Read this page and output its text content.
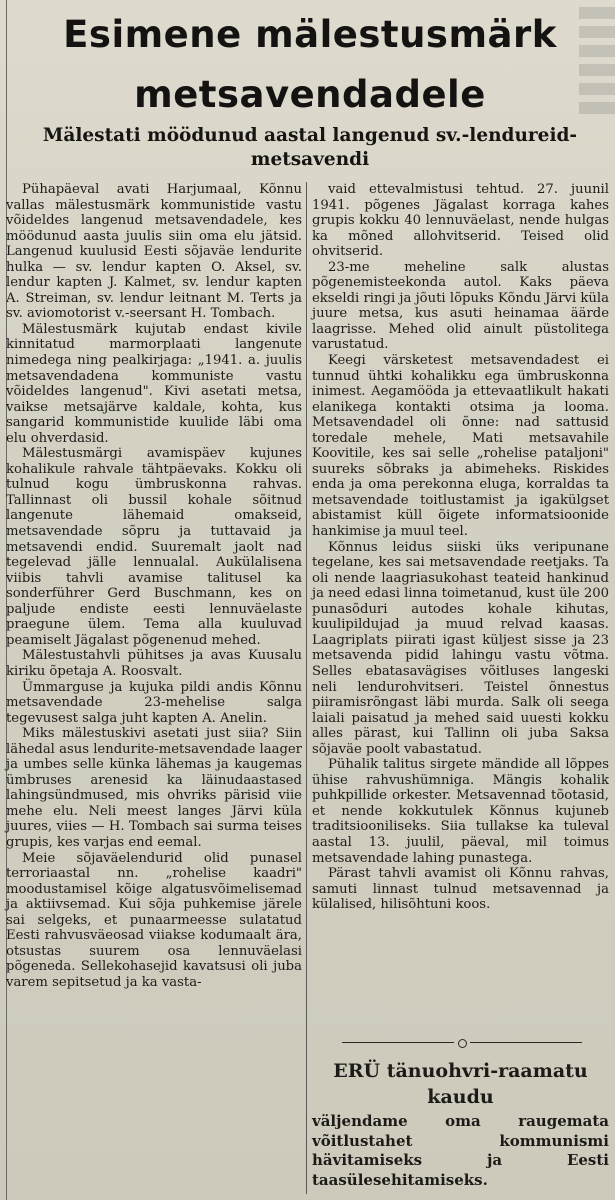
Esimene mälestusmärk
metsavendadele
Mälestati möödunud aastal langenud sv.-lendureid-metsavendi

Pühapäeval avati Harjumaal, Kõnnu vallas mälestusmärk kommunistide vastu võideldes langenud metsavendadele, kes möödunud aasta juulis siin oma elu jätsid. Langenud kuulusid Eesti sõjaväe lendurite hulka — sv. lendur kapten O. Aksel, sv. lendur kapten J. Kalmet, sv. lendur kapten A. Streiman, sv. lendur leitnant M. Terts ja sv. aviomotorist v.-seersant H. Tombach.

Mälestusmärk kujutab endast kivile kinnitatud marmorplaati langenute nimedega ning pealkirjaga: „1941. a. juulis metsavendadena kommuniste vastu võideldes langenud". Kivi asetati metsa, vaikse metsajärve kaldale, kohta, kus sangarid kommunistide kuulide läbi oma elu ohverdasid.

Mälestusmärgi avamispäev kujunes kohalikule rahvale tähtpäevaks. Kokku oli tulnud kogu ümbruskonna rahvas. Tallinnast oli bussil kohale sõitnud langenute lähemaid omakseid, metsavendade sõpru ja tuttavaid ja metsavendi endid. Suuremalt jaolt nad tegelevad jälle lennualal. Aukülalisena viibis tahvli avamise talitusel ka sonderführer Gerd Buschmann, kes on paljude endiste eesti lennuväelaste praegune ülem. Tema alla kuuluvad peamiselt Jägalast põgenenud mehed.

Mälestustahvli pühitses ja avas Kuusalu kiriku õpetaja A. Roosvalt.

Ümmarguse ja kujuka pildi andis Kõnnu metsavendade 23-mehelise salga tegevusest salga juht kapten A. Anelin.

Miks mälestuskivi asetati just siia? Siin lähedal asus lendurite-metsavendade laager ja umbes selle künka lähemas ja kaugemas ümbruses arenesid ka läinudaastased lahingsündmused, mis ohvriks pärisid viie mehe elu. Neli meest langes Järvi küla juures, viies — H. Tombach sai surma teises grupis, kes varjas end eemal.

Meie sõjaväelendurid olid punasel terroriaastal nn. „rohelise kaadri" moodustamisel kõige algatusvõimelisemad ja aktiivsemad. Kui sõja puhkemise järele sai selgeks, et punaarmeesse sulatatud Eesti rahvusväeosad viiakse kodumaalt ära, otsustas suurem osa lennuväelasi põgeneda. Sellekohasejid kavatsusi oli juba varem sepitsetud ja ka vasta-

vaid ettevalmistusi tehtud. 27. juunil 1941. põgenes Jägalast korraga kahes grupis kokku 40 lennuväelast, nende hulgas ka mõned allohvitserid. Teised olid ohvitserid.

23-me meheline salk alustas põgenemisteekonda autol. Kaks päeva ekseldi ringi ja jõuti lõpuks Kõndu Järvi küla juure metsa, kus asuti heinamaa äärde laagrisse. Mehed olid ainult püstolitega varustatud.

Keegi värsketest metsavendadest ei tunnud ühtki kohalikku ega ümbruskonna inimest. Aegamööda ja ettevaatlikult hakati elanikega kontakti otsima ja looma. Metsavendadel oli õnne: nad sattusid toredale mehele, Mati metsavahile Koovitile, kes sai selle „rohelise pataljoni" suureks sõbraks ja abimeheks. Riskides enda ja oma perekonna eluga, korraldas ta metsavendade toitlustamist ja igakülgset abistamist küll õigete informatsioonide hankimise ja muul teel.

Kõnnus leidus siiski üks veripunane tegelane, kes sai metsavendade reetjaks. Ta oli nende laagriasukohast teateid hankinud ja need edasi linna toimetanud, kust üle 200 punasõduri autodes kohale kihutas, kuulipildujad ja muud relvad kaasas. Laagriplats piirati igast küljest sisse ja 23 metsavenda pidid lahingu vastu võtma. Selles ebatasavägises võitluses langeski neli lendurohvitseri. Teistel õnnestus piiramisrõngast läbi murda. Salk oli seega laiali paisatud ja mehed said uuesti kokku alles pärast, kui Tallinn oli juba Saksa sõjaväe poolt vabastatud.

Pühalik talitus sirgete mändide all lõppes ühise rahvushümniga. Mängis kohalik puhkpillide orkester. Metsavennad tõotasid, et nende kokkutulek Kõnnus kujuneb traditsiooniliseks. Siia tullakse ka tuleval aastal 13. juulil, päeval, mil toimus metsavendade lahing punastega.

Pärast tahvli avamist oli Kõnnu rahvas, samuti linnast tulnud metsavennad ja külalised, hilisõhtuni koos.

ERÜ tänuohvri-raamatu kaudu

väljendame oma raugemata võitlustahet kommunismi hävitamiseks ja Eesti taasülesehitamiseks.
